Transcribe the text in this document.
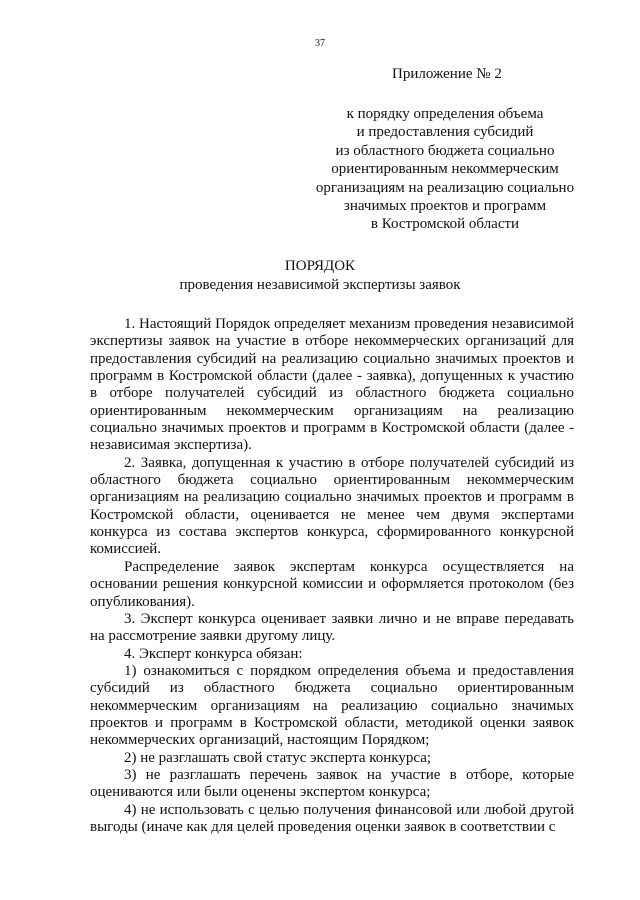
37
Приложение № 2
к порядку определения объема
и предоставления субсидий
из областного бюджета социально
ориентированным некоммерческим
организациям на реализацию социально
значимых проектов и программ
в Костромской области
ПОРЯДОК
проведения независимой экспертизы заявок

1. Настоящий Порядок определяет механизм проведения независимой экспертизы заявок на участие в отборе некоммерческих организаций для предоставления субсидий на реализацию социально значимых проектов и программ в Костромской области (далее - заявка), допущенных к участию в отборе получателей субсидий из областного бюджета социально ориентированным некоммерческим организациям на реализацию социально значимых проектов и программ в Костромской области (далее - независимая экспертиза).

2. Заявка, допущенная к участию в отборе получателей субсидий из областного бюджета социально ориентированным некоммерческим организациям на реализацию социально значимых проектов и программ в Костромской области, оценивается не менее чем двумя экспертами конкурса из состава экспертов конкурса, сформированного конкурсной комиссией.

Распределение заявок экспертам конкурса осуществляется на основании решения конкурсной комиссии и оформляется протоколом (без опубликования).

3. Эксперт конкурса оценивает заявки лично и не вправе передавать на рассмотрение заявки другому лицу.

4. Эксперт конкурса обязан:

1) ознакомиться с порядком определения объема и предоставления субсидий из областного бюджета социально ориентированным некоммерческим организациям на реализацию социально значимых проектов и программ в Костромской области, методикой оценки заявок некоммерческих организаций, настоящим Порядком;

2) не разглашать свой статус эксперта конкурса;

3) не разглашать перечень заявок на участие в отборе, которые оцениваются или были оценены экспертом конкурса;

4) не использовать с целью получения финансовой или любой другой выгоды (иначе как для целей проведения оценки заявок в соответствии с
